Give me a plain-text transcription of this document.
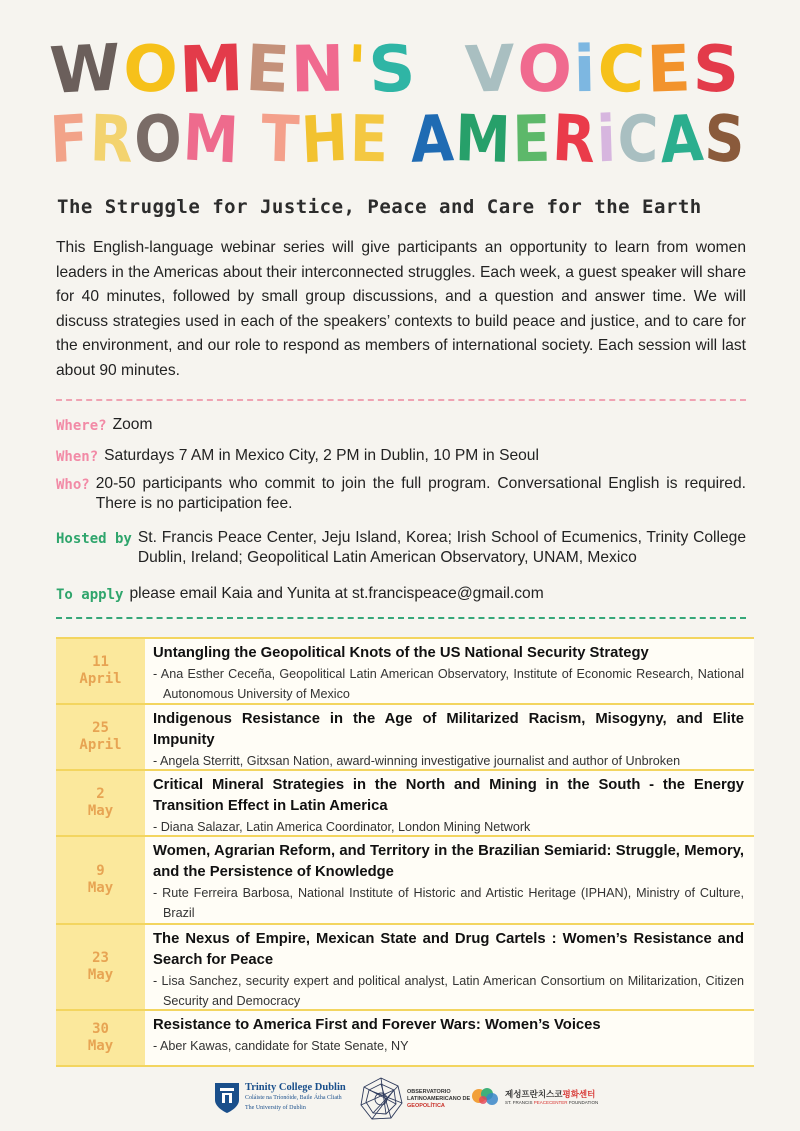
WOMEN'S VOiCES
FROM THE AMERiCAS
The Struggle for Justice, Peace and Care for the Earth

This English-language webinar series will give participants an opportunity to learn from women leaders in the Americas about their interconnected struggles. Each week, a guest speaker will share for 40 minutes, followed by small group discussions, and a question and answer time. We will discuss strategies used in each of the speakers’ contexts to build peace and justice, and to care for the environment, and our role to respond as members of international society. Each session will last about 90 minutes.

Where? Zoom
When? Saturdays 7 AM in Mexico City, 2 PM in Dublin, 10 PM in Seoul
Who? 20-50 participants who commit to join the full program. Conversational English is required. There is no participation fee.
Hosted by St. Francis Peace Center, Jeju Island, Korea; Irish School of Ecumenics, Trinity College Dublin, Ireland; Geopolitical Latin American Observatory, UNAM, Mexico
To apply please email Kaia and Yunita at st.francispeace@gmail.com
11
April
Untangling the Geopolitical Knots of the US National Security Strategy
- Ana Esther Ceceña, Geopolitical Latin American Observatory, Institute of Economic Research, National Autonomous University of Mexico
25
April
Indigenous Resistance in the Age of Militarized Racism, Misogyny, and Elite Impunity
- Angela Sterritt, Gitxsan Nation, award-winning investigative journalist and author of Unbroken
2
May
Critical Mineral Strategies in the North and Mining in the South - the Energy Transition Effect in Latin America
- Diana Salazar, Latin America Coordinator, London Mining Network
9
May
Women, Agrarian Reform, and Territory in the Brazilian Semiarid: Struggle, Memory, and the Persistence of Knowledge
- Rute Ferreira Barbosa, National Institute of Historic and Artistic Heritage (IPHAN), Ministry of Culture, Brazil
23
May
The Nexus of Empire, Mexican State and Drug Cartels : Women’s Resistance and Search for Peace
- Lisa Sanchez, security expert and political analyst, Latin American Consortium on Militarization, Citizen Security and Democracy
30
May
Resistance to America First and Forever Wars: Women’s Voices
- Aber Kawas, candidate for State Senate, NY
Trinity College Dublin
Coláiste na Tríonóide, Baile Átha Cliath
The University of Dublin
OBSERVATORIO
LATINOAMERICANO DE
GEOPOLÍTICA
제성프란치스코평화센터
ST. FRANCIS PEACECENTER FOUNDATION
